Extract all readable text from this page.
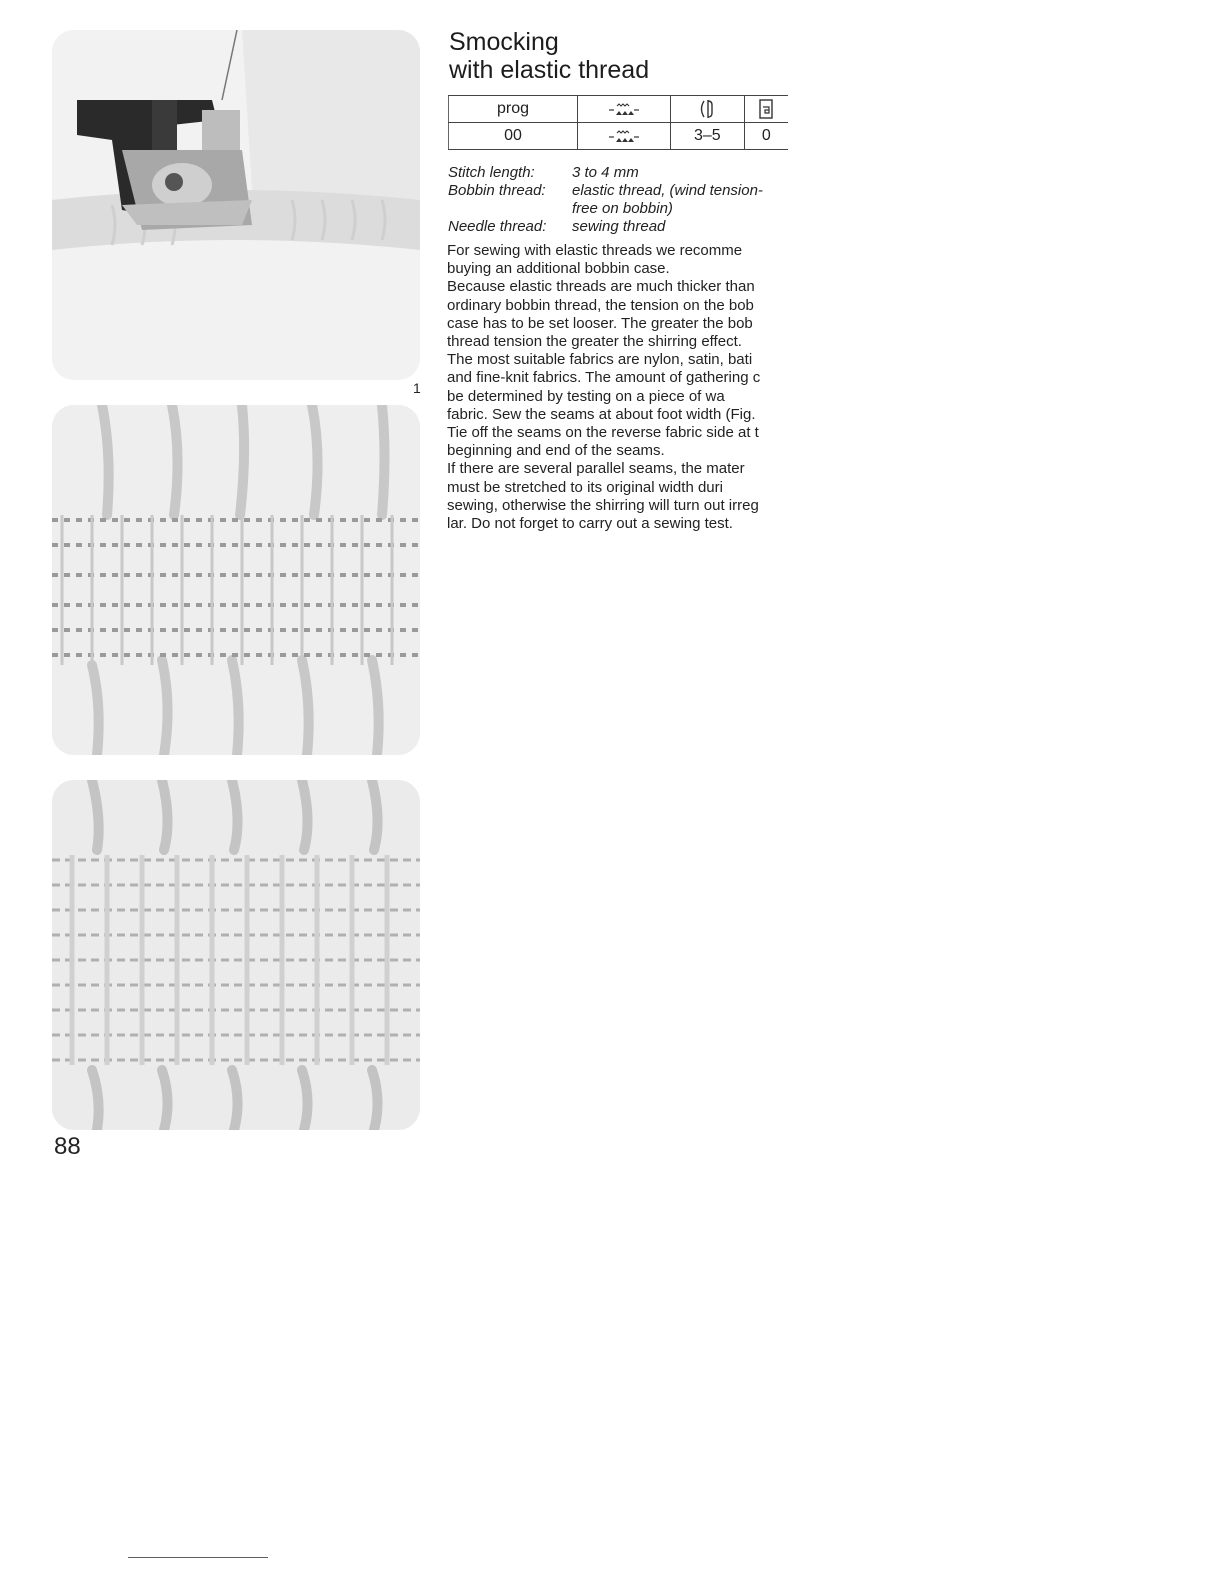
1
88
Smocking
with elastic thread
prog			
00		3–5	0
Stitch length:	3 to 4 mm
Bobbin thread:	elastic thread, (wind tension-
free on bobbin)
Needle thread:	sewing thread
For sewing with elastic threads we recomme
buying an additional bobbin case.
Because elastic threads are much thicker than
ordinary bobbin thread, the tension on the bob
case has to be set looser. The greater the bob
thread tension the greater the shirring effect.
The most suitable fabrics are nylon, satin, bati
and fine-knit fabrics. The amount of gathering c
be determined by testing on a piece of wa
fabric. Sew the seams at about foot width (Fig.
Tie off the seams on the reverse fabric side at t
beginning and end of the seams.
If there are several parallel seams, the mater
must be stretched to its original width duri
sewing, otherwise the shirring will turn out irreg
lar. Do not forget to carry out a sewing test.
